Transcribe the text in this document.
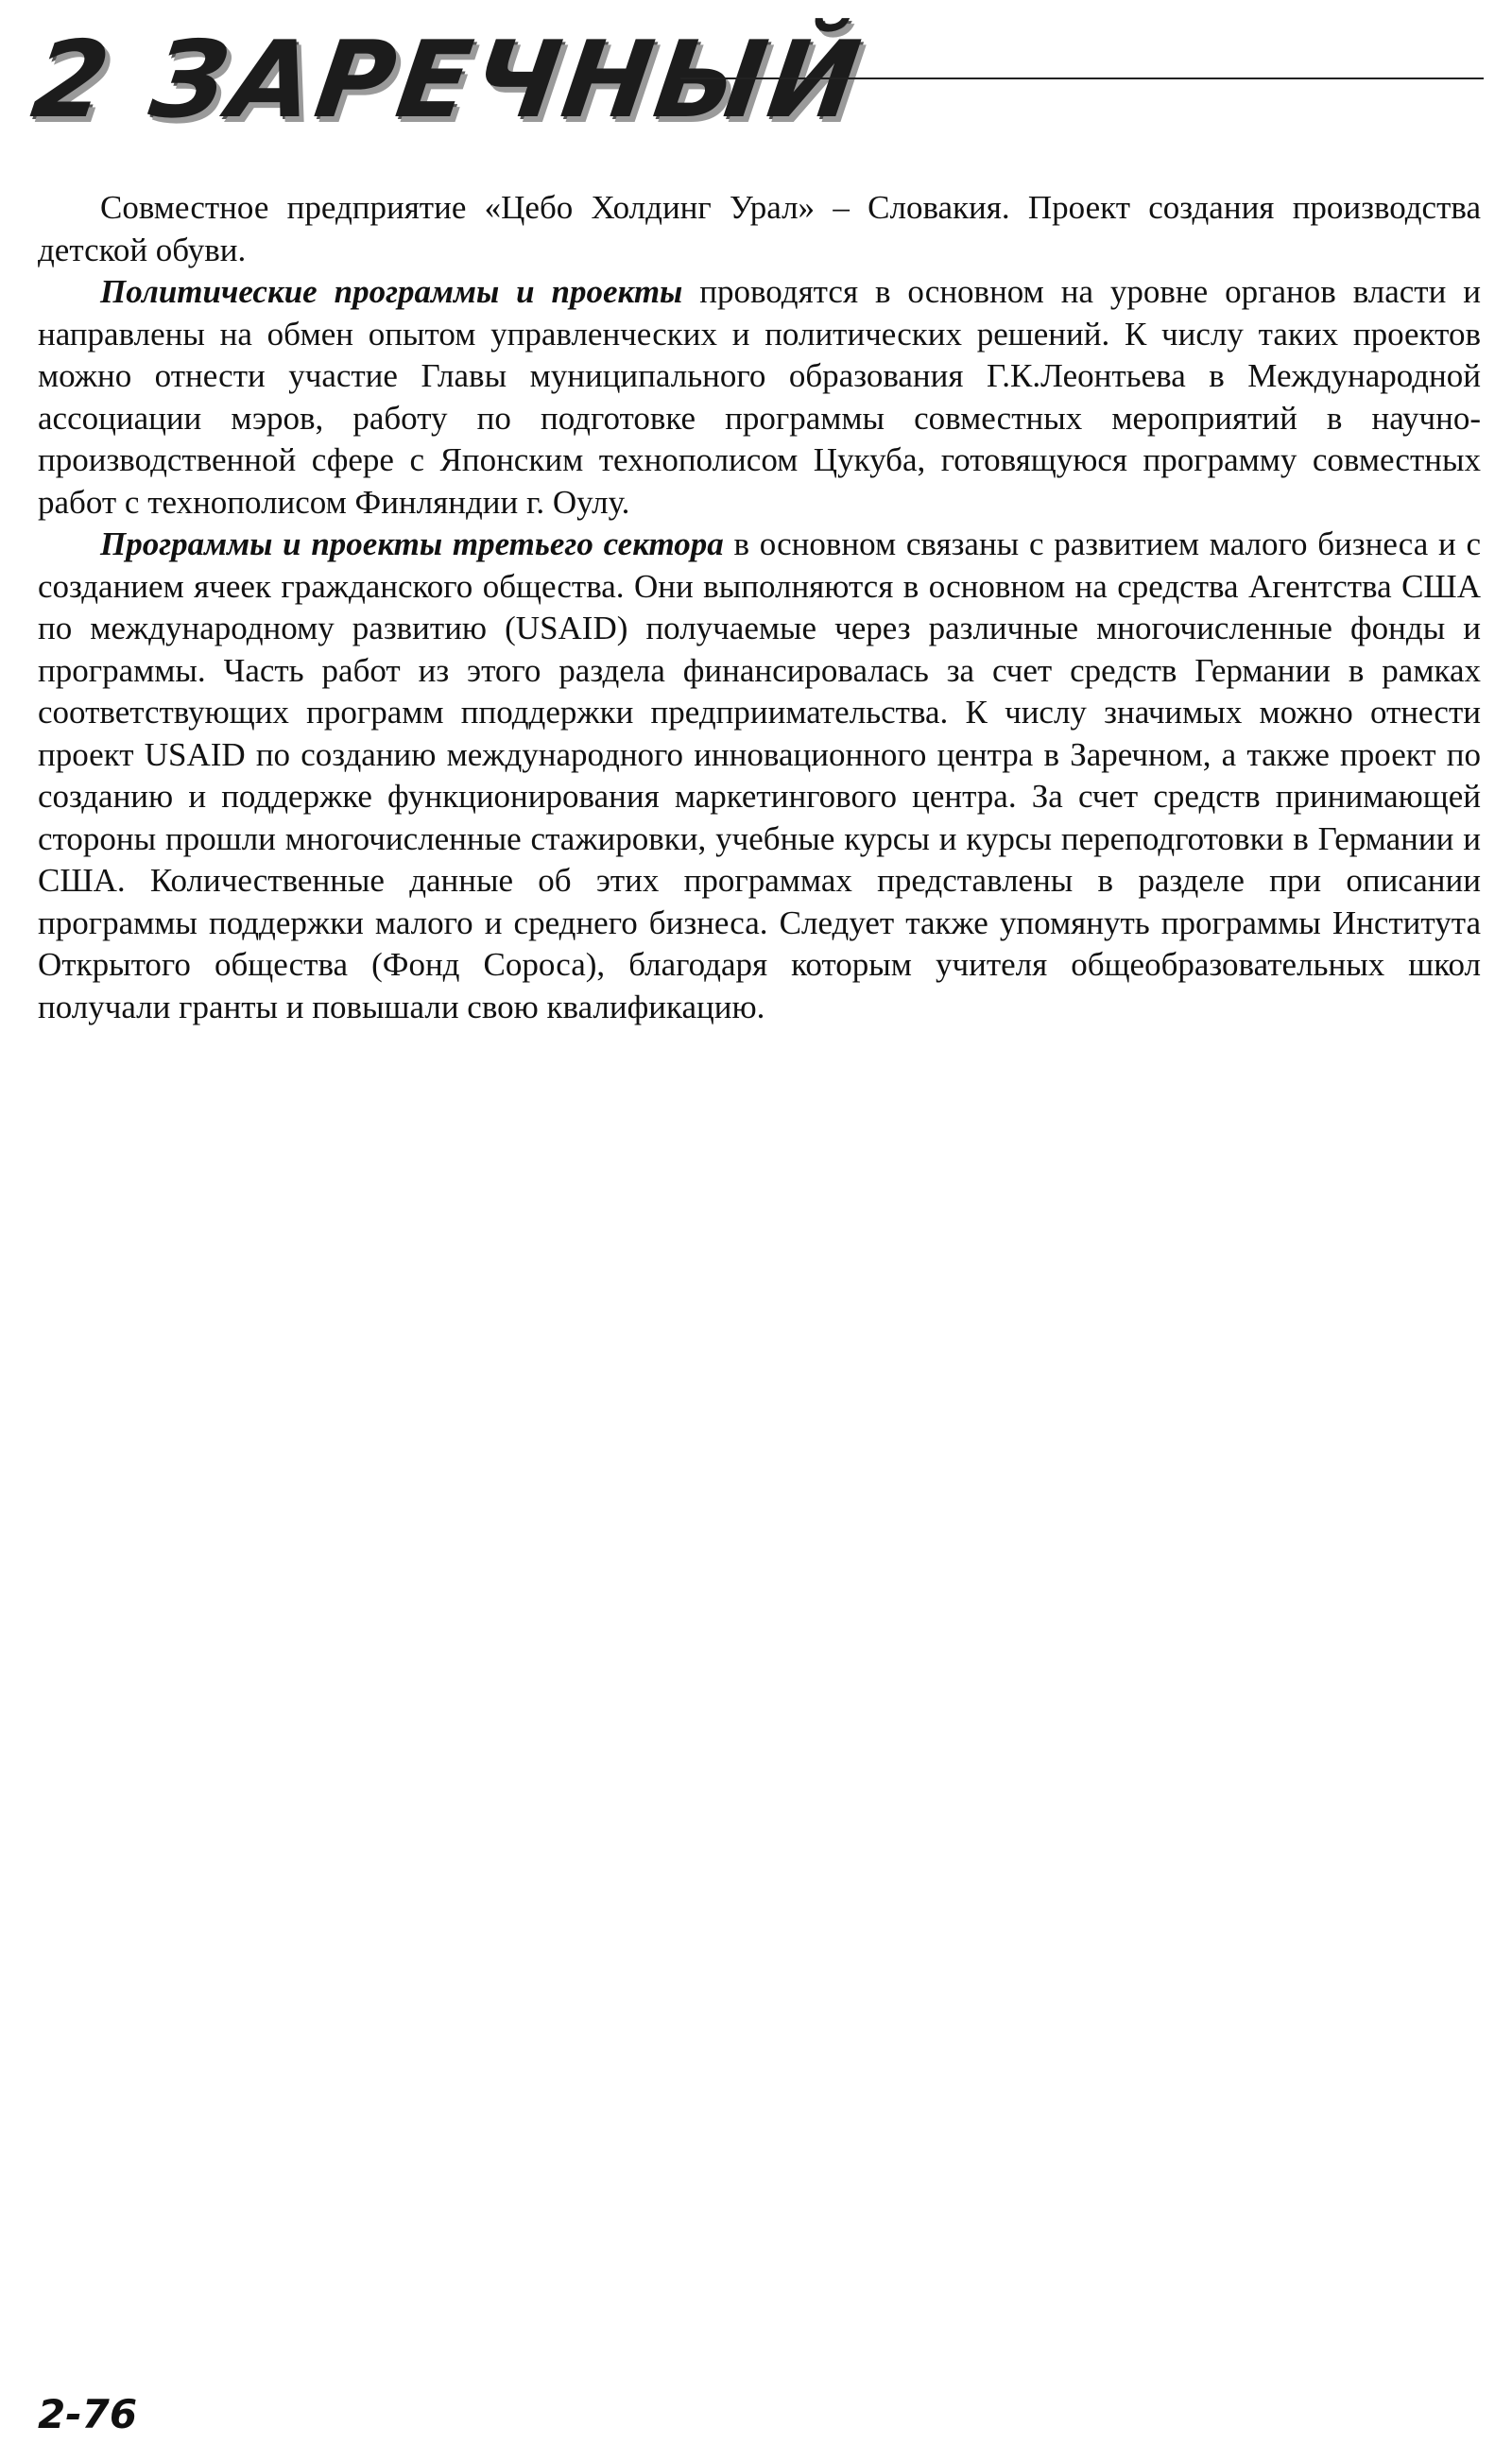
2 ЗАРЕЧНЫЙ

Совместное предприятие «Цебо Холдинг Урал» – Словакия. Проект создания производства детской обуви.

Политические программы и проекты проводятся в основном на уровне органов власти и направлены на обмен опытом управленческих и политических решений. К числу таких проектов можно отнести участие Главы муниципального образования Г.К.Леонтьева в Международной ассоциации мэров, работу по подготовке программы совместных мероприятий в научно-производственной сфере с Японским технополисом Цукуба, готовящуюся программу совместных работ с технополисом Финляндии г. Оулу.

Программы и проекты третьего сектора в основном связаны с развитием малого бизнеса и с созданием ячеек гражданского общества. Они выполняются в основном на средства Агентства США по международному развитию (USAID) получаемые через различные многочисленные фонды и программы. Часть работ из этого раздела финансировалась за счет средств Германии в рамках соответствующих программ пподдержки предприимательства. К числу значимых можно отнести проект USAID по созданию международного инновационного центра в Заречном, а также проект по созданию и поддержке функционирования маркетингового центра. За счет средств принимающей стороны прошли многочисленные стажировки, учебные курсы и курсы переподготовки в Германии и США. Количественные данные об этих программах представлены в разделе при описании программы поддержки малого и среднего бизнеса. Следует также упомянуть программы Института Открытого общества (Фонд Сороса), благодаря которым учителя общеобразовательных школ получали гранты и повышали свою квалификацию.

2-76
